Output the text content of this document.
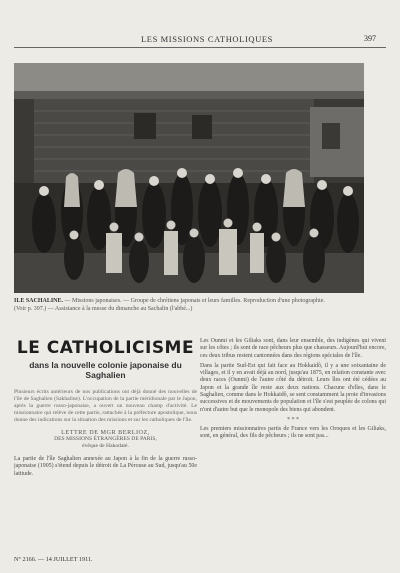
LES MISSIONS CATHOLIQUES	397
ILE SACHALINE. — Missions japonaises. — Groupe de chrétiens japonais et leurs familles. Reproduction d'une photographie.
(Voir p. 397.) — Assistance à la messe du dimanche au Sachalin (l'abbé...)
LE CATHOLICISME
dans la nouvelle colonie japonaise du Saghalien
Plusieurs écrits antérieurs de nos publications ont déjà donné des nouvelles de l'île de Saghalien (Sakhaline). L'occupation de la partie méridionale par le Japon, après la guerre russo-japonaise, a ouvert un nouveau champ d'activité. Le missionnaire qui relève de cette partie, rattachée à la préfecture apostolique, nous donne des indications sur la situation des missions et sur les catholiques de l'île.
LETTRE DE MGR BERLIOZ,
DES MISSIONS ÉTRANGÈRES DE PARIS,
évêque de Hakodaté.
La partie de l'île Saghalien annexée au Japon à la fin de la guerre russo-japonaise (1905) s'étend depuis le détroit de La Pérouse au Sud, jusqu'au 50e latitude.
Les Ounmi et les Giliaks sont, dans leur ensemble, des indigènes qui vivent sur les côtes ; ils sont de race pêcheurs plus que chasseurs. Aujourd'hui encore, ces deux tribus restent cantonnées dans des régions spéciales de l'île.
Dans la partie Sud-Est qui fait face au Hokkaidô, il y a une soixantaine de villages, et il y en avait déjà au nord, jusqu'au 1875, en relation constante avec deux races (Ounmi) de l'autre côté du détroit. Leurs îles ont été cédées au Japon et la grande île reste aux deux nations. Chacune d'elles, dans le Saghalien, comme dans le Hokkaidô, se sent constamment la proie d'invasions successives et de mouvements de population et l'île s'est peuplée de colons qui n'ont d'autre but que le monopole des biens qui abondent.
* * *
Les premiers missionnaires partis de France vers les Oroques et les Giliaks, sont, en général, des fils de pêcheurs ; ils ne sont pas...
N° 2166. — 14 JUILLET 1911.
